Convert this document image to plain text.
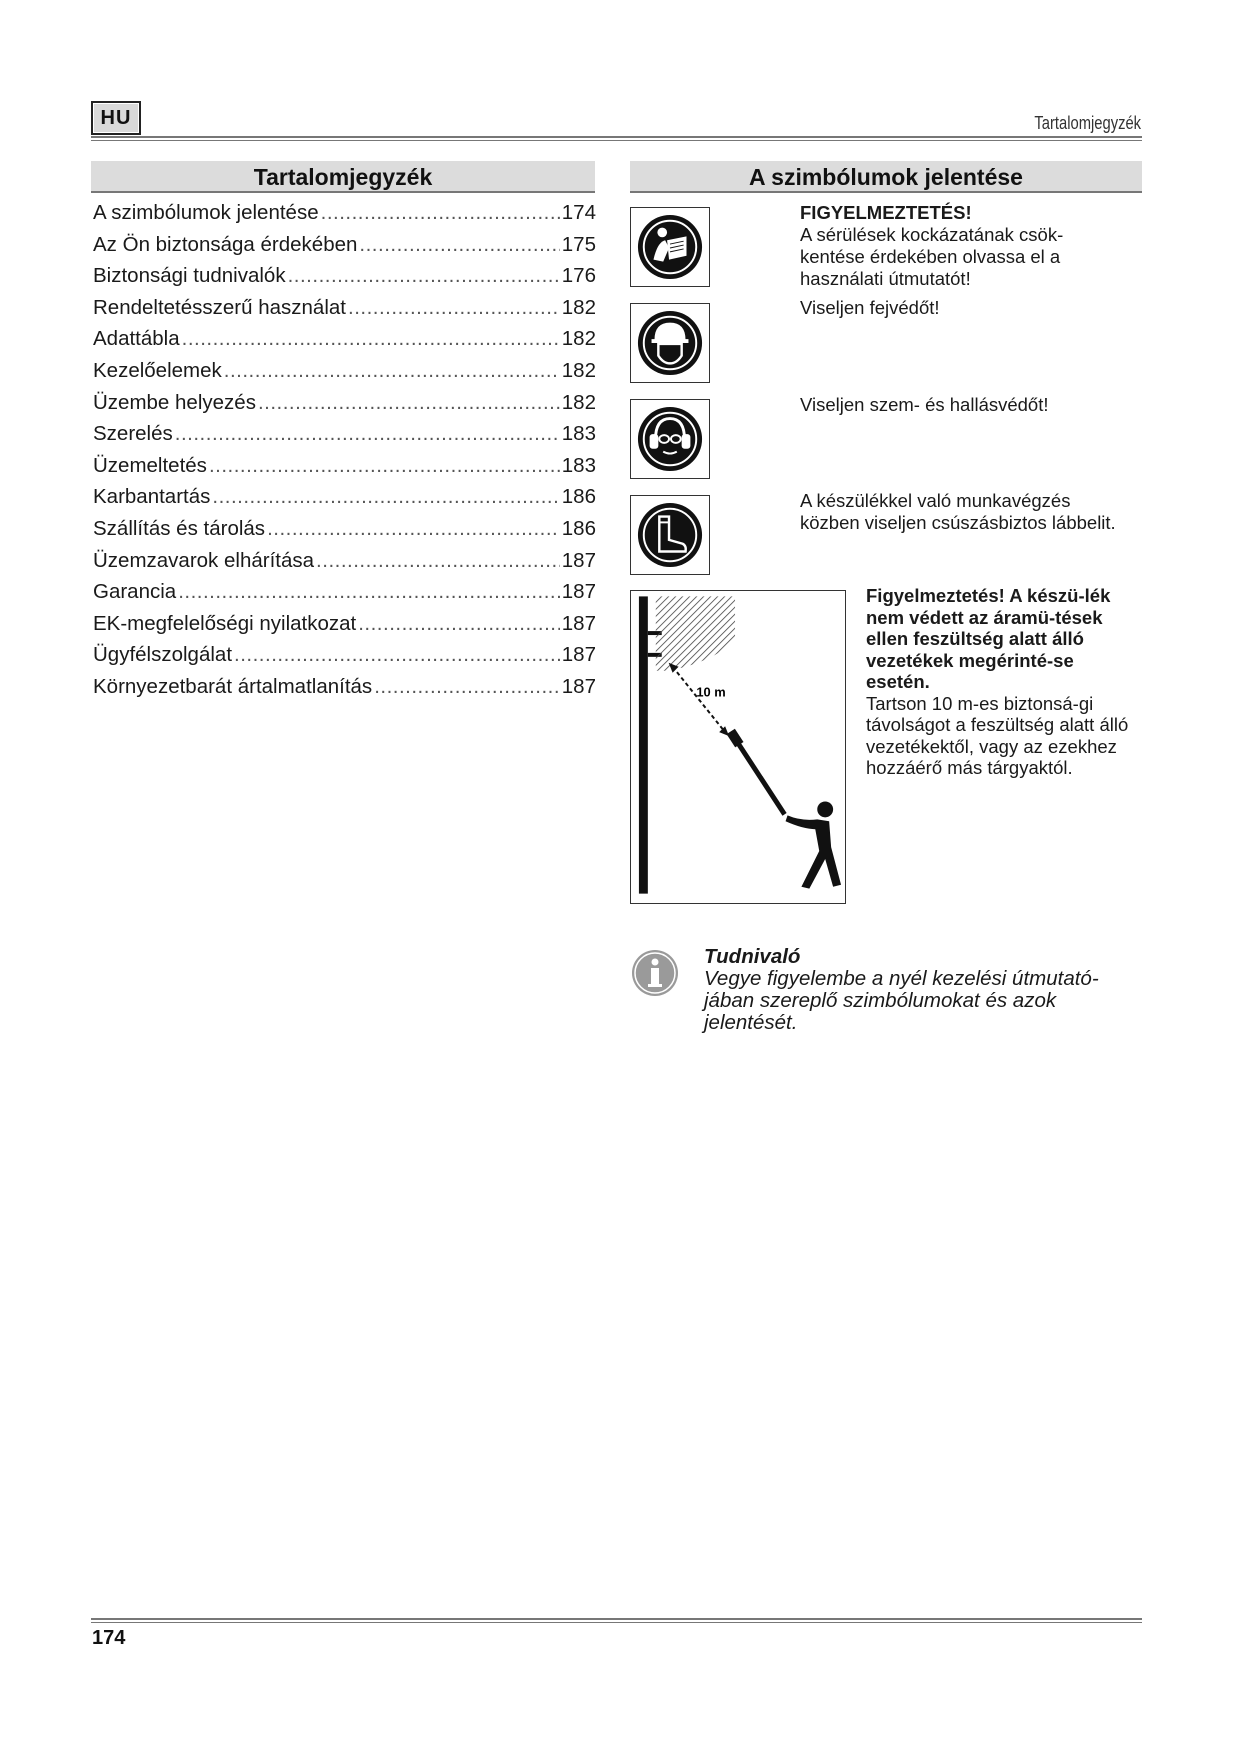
HU	Tartalomjegyzék
Tartalomjegyzék
A szimbólumok jelentése .....	174
Az Ön biztonsága érdekében .....	175
Biztonsági tudnivalók .....	176
Rendeltetésszerű használat .....	182
Adattábla .....	182
Kezelőelemek .....	182
Üzembe helyezés .....	182
Szerelés .....	183
Üzemeltetés .....	183
Karbantartás .....	186
Szállítás és tárolás .....	186
Üzemzavarok elhárítása .....	187
Garancia .....	187
EK-megfelelőségi nyilatkozat .....	187
Ügyfélszolgálat .....	187
Környezetbarát ártalmatlanítás .....	187
A szimbólumok jelentése
FIGYELMEZTETÉS!
A sérülések kockázatának csök-kentése érdekében olvassa el a használati útmutatót!
Viseljen fejvédőt!
Viseljen szem- és hallásvédőt!
A készülékkel való munkavégzés közben viseljen csúszásbiztos lábbelit.
10 m
Figyelmeztetés! A készü-lék nem védett az áramü-tések ellen feszültség alatt álló vezetékek megérinté-se esetén.
Tartson 10 m-es biztonsá-gi távolságot a feszültség alatt álló vezetékektől, vagy az ezekhez hozzáérő más tárgyaktól.
Tudnivaló
Vegye figyelembe a nyél kezelési útmutató-jában szereplő szimbólumokat és azok jelentését.
174
